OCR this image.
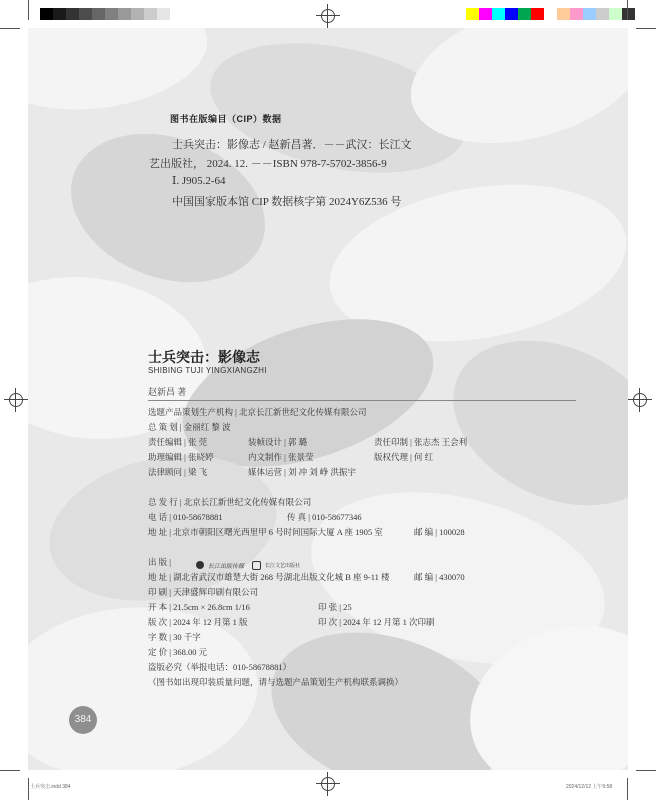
图书在版编目（CIP）数据
士兵突击：影像志 / 赵新昌著．－－武汉：长江文
艺出版社， 2024. 12. －－ISBN 978-7-5702-3856-9
Ⅰ. J905.2-64
中国国家版本馆 CIP 数据核字第 2024Y6Z536 号
士兵突击：影像志
SHIBING TUJI YINGXIANGZHI
赵新昌 著
选题产品策划生产机构 | 北京长江新世纪文化传媒有限公司
总 策 划 | 金丽红 黎 波
责任编辑 | 张 莞	装帧设计 | 郭 璐	责任印制 | 张志杰 王会利
助理编辑 | 张晓婷	内文制作 | 张景莹	版权代理 | 何 红
法律顾问 | 梁 飞	媒体运营 | 刘 冲 刘 峥 洪振宇
总 发 行 | 北京长江新世纪文化传媒有限公司
电 话 | 010-58678881	传 真 | 010-58677346
地 址 | 北京市朝阳区曙光西里甲 6 号时间国际大厦 A 座 1905 室	邮 编 | 100028
出 版 |	长江出版传媒	长江文艺出版社
地 址 | 湖北省武汉市雄楚大街 268 号湖北出版文化城 B 座 9-11 楼	邮 编 | 430070
印 刷 | 天津盛辉印刷有限公司
开 本 | 21.5cm × 26.8cm 1/16	印 张 | 25
版 次 | 2024 年 12 月第 1 版	印 次 | 2024 年 12 月第 1 次印刷
字 数 | 30 千字
定 价 | 368.00 元
盗版必究（举报电话：010-58678881）
（图书如出现印装质量问题，请与选题产品策划生产机构联系调换）
384
士兵突击.indd 384	2024/12/12 上午9:58
